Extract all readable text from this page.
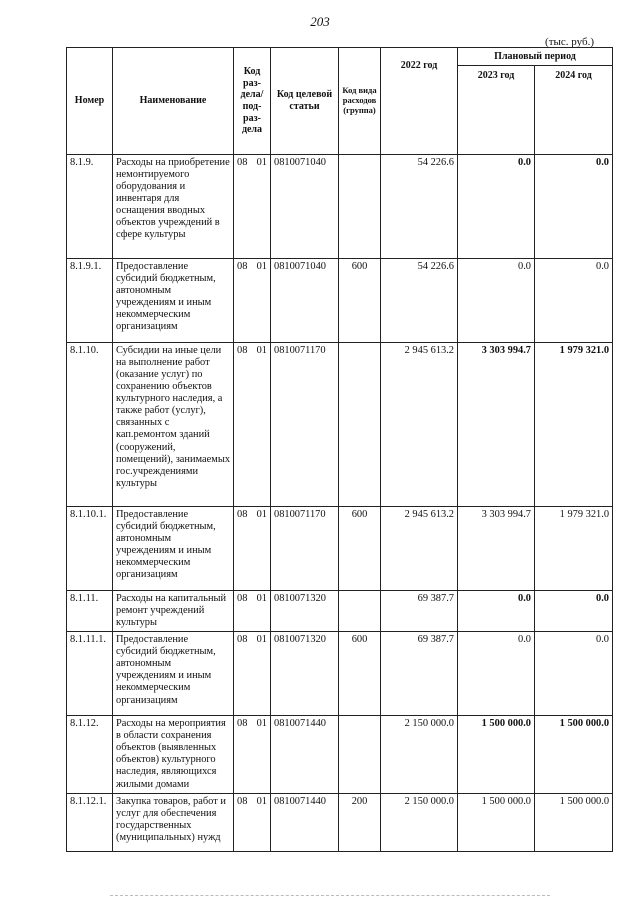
203
(тыс. руб.)
Номер	Наименование	Код раз-дела/ под-раз-дела	Код целевой статьи	Код вида расходов (группа)	2022 год	Плановый период	
						2023 год	2024 год
8.1.9.	Расходы на приобретение немонтируемого оборудования и инвентаря для оснащения вводных объектов учреждений в сфере культуры	08 01	0810071040		54 226.6	0.0	0.0
8.1.9.1.	Предоставление субсидий бюджетным, автономным учреждениям и иным некоммерческим организациям	08 01	0810071040	600	54 226.6	0.0	0.0
8.1.10.	Субсидии на иные цели на выполнение работ (оказание услуг) по сохранению объектов культурного наследия, а также работ (услуг), связанных с кап.ремонтом зданий (сооружений, помещений), занимаемых гос.учреждениями культуры	08 01	0810071170		2 945 613.2	3 303 994.7	1 979 321.0
8.1.10.1.	Предоставление субсидий бюджетным, автономным учреждениям и иным некоммерческим организациям	08 01	0810071170	600	2 945 613.2	3 303 994.7	1 979 321.0
8.1.11.	Расходы на капитальный ремонт учреждений культуры	08 01	0810071320		69 387.7	0.0	0.0
8.1.11.1.	Предоставление субсидий бюджетным, автономным учреждениям и иным некоммерческим организациям	08 01	0810071320	600	69 387.7	0.0	0.0
8.1.12.	Расходы на мероприятия в области сохранения объектов (выявленных объектов) культурного наследия, являющихся жилыми домами	08 01	0810071440		2 150 000.0	1 500 000.0	1 500 000.0
8.1.12.1.	Закупка товаров, работ и услуг для обеспечения государственных (муниципальных) нужд	08 01	0810071440	200	2 150 000.0	1 500 000.0	1 500 000.0
